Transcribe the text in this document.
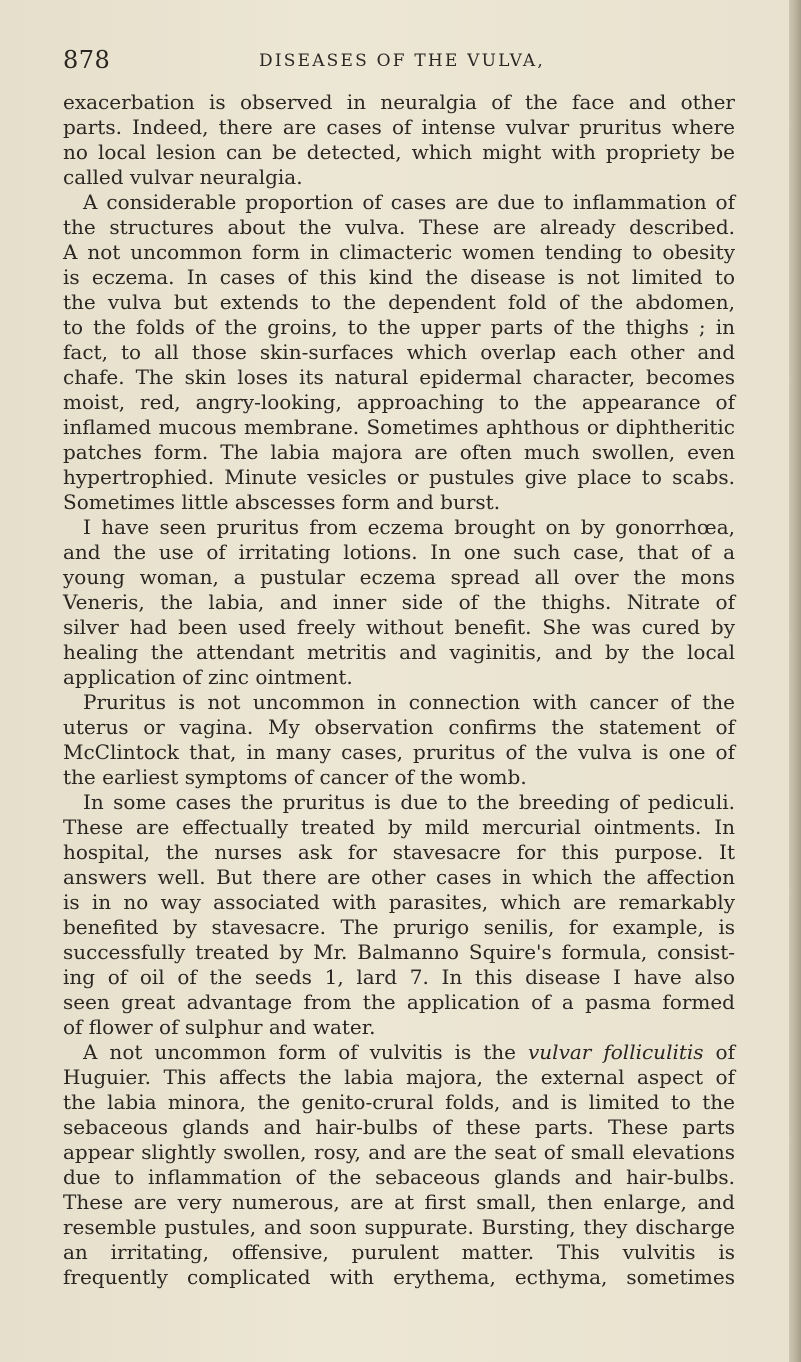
878	DISEASES OF THE VULVA,
exacerbation is observed in neuralgia of the face and other
parts. Indeed, there are cases of intense vulvar pruritus where
no local lesion can be detected, which might with propriety be
called vulvar neuralgia.
A considerable proportion of cases are due to inflammation of
the structures about the vulva. These are already described.
A not uncommon form in climacteric women tending to obesity
is eczema. In cases of this kind the disease is not limited to
the vulva but extends to the dependent fold of the abdomen,
to the folds of the groins, to the upper parts of the thighs ; in
fact, to all those skin-surfaces which overlap each other and
chafe. The skin loses its natural epidermal character, becomes
moist, red, angry-looking, approaching to the appearance of
inflamed mucous membrane. Sometimes aphthous or diphtheritic
patches form. The labia majora are often much swollen, even
hypertrophied. Minute vesicles or pustules give place to scabs.
Sometimes little abscesses form and burst.
I have seen pruritus from eczema brought on by gonorrhœa,
and the use of irritating lotions. In one such case, that of a
young woman, a pustular eczema spread all over the mons
Veneris, the labia, and inner side of the thighs. Nitrate of
silver had been used freely without benefit. She was cured by
healing the attendant metritis and vaginitis, and by the local
application of zinc ointment.
Pruritus is not uncommon in connection with cancer of the
uterus or vagina. My observation confirms the statement of
McClintock that, in many cases, pruritus of the vulva is one of
the earliest symptoms of cancer of the womb.
In some cases the pruritus is due to the breeding of pediculi.
These are effectually treated by mild mercurial ointments. In
hospital, the nurses ask for stavesacre for this purpose. It
answers well. But there are other cases in which the affection
is in no way associated with parasites, which are remarkably
benefited by stavesacre. The prurigo senilis, for example, is
successfully treated by Mr. Balmanno Squire's formula, consist-
ing of oil of the seeds 1, lard 7. In this disease I have also
seen great advantage from the application of a pasma formed
of flower of sulphur and water.
A not uncommon form of vulvitis is the vulvar folliculitis of
Huguier. This affects the labia majora, the external aspect of
the labia minora, the genito-crural folds, and is limited to the
sebaceous glands and hair-bulbs of these parts. These parts
appear slightly swollen, rosy, and are the seat of small elevations
due to inflammation of the sebaceous glands and hair-bulbs.
These are very numerous, are at first small, then enlarge, and
resemble pustules, and soon suppurate. Bursting, they discharge
an irritating, offensive, purulent matter. This vulvitis is
frequently complicated with erythema, ecthyma, sometimes
